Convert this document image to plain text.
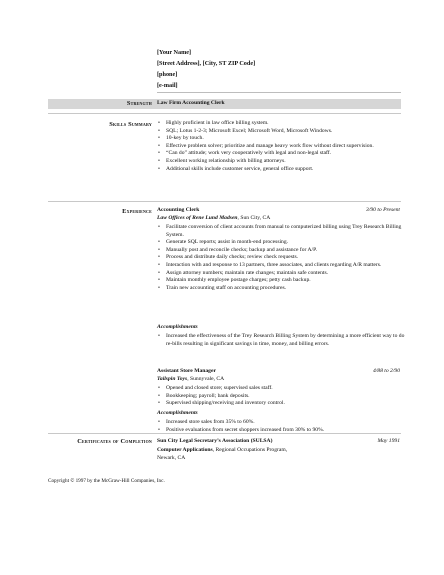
[Your Name]
[Street Address], [City, ST ZIP Code]
[phone]
[e-mail]
Strength Law Firm Accounting Clerk
Skills Summary
•	Highly proficient in law office billing system.
• SQL; Lotus 1-2-3; Microsoft Excel; Microsoft Word, Microsoft Windows.
• 10-key by touch.
• Effective problem solver; prioritize and manage heavy work flow without direct supervision.
• “Can do” attitude; work very cooperatively with legal and non-legal staff.
• Excellent working relationship with billing attorneys.
• Additional skills include customer service, general office support.
Experience Accounting Clerk	3/90 to Present
Law Offices of Rene Lund Madsen, Sun City, CA
• Facilitate conversion of client accounts from manual to computerized billing using Trey Research Billing System.
• Generate SQL reports; assist in month-end processing.
• Manually post and reconcile checks; backup and assistance for A/P.
• Process and distribute daily checks; review check requests.
• Interaction with and response to 13 partners, three associates, and clients regarding A/R matters.
• Assign attorney numbers; maintain rate changes; maintain safe contents.
• Maintain monthly employee postage charges; petty cash backup.
• Train new accounting staff on accounting procedures.
Accomplishments
• Increased the effectiveness of the Trey Research Billing System by determining a more efficient way to do re-bills resulting in significant savings in time, money, and billing errors.
Assistant Store Manager	4/88 to 2/90
Tailspin Toys, Sunnyvale, CA
• Opened and closed store; supervised sales staff.
• Bookkeeping; payroll; bank deposits.
• Supervised shipping/receiving and inventory control.
Accomplishments
• Increased store sales from 35% to 60%.
• Positive evaluations from secret shoppers increased from 30% to 90%.
Certificates of Completion Sun City Legal Secretary’s Association (SULSA)	May 1991
Computer Applications, Regional Occupations Program,
Newark, CA
Copyright © 1997 by the McGraw-Hill Companies, Inc.
